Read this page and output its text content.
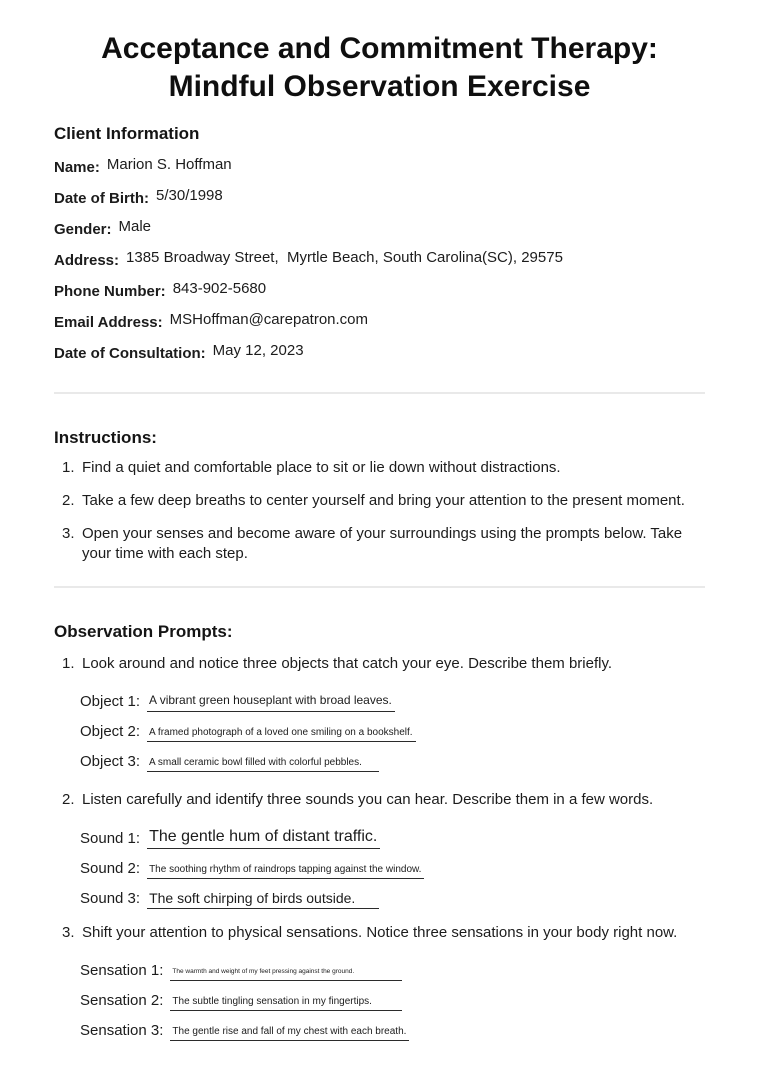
Acceptance and Commitment Therapy:
Mindful Observation Exercise
Client Information
Name: Marion S. Hoffman
Date of Birth: 5/30/1998
Gender: Male
Address: 1385 Broadway Street,  Myrtle Beach, South Carolina(SC), 29575
Phone Number: 843-902-5680
Email Address: MSHoffman@carepatron.com
Date of Consultation: May 12, 2023
Instructions:
1. Find a quiet and comfortable place to sit or lie down without distractions.
2. Take a few deep breaths to center yourself and bring your attention to the present moment.
3. Open your senses and become aware of your surroundings using the prompts below. Take your time with each step.
Observation Prompts:
1. Look around and notice three objects that catch your eye. Describe them briefly.
Object 1: A vibrant green houseplant with broad leaves.
Object 2: A framed photograph of a loved one smiling on a bookshelf.
Object 3: A small ceramic bowl filled with colorful pebbles.
2. Listen carefully and identify three sounds you can hear. Describe them in a few words.
Sound 1: The gentle hum of distant traffic.
Sound 2: The soothing rhythm of raindrops tapping against the window.
Sound 3: The soft chirping of birds outside.
3. Shift your attention to physical sensations. Notice three sensations in your body right now.
Sensation 1:	The warmth and weight of my feet pressing against the ground.
Sensation 2: The subtle tingling sensation in my fingertips.
Sensation 3: The gentle rise and fall of my chest with each breath.
